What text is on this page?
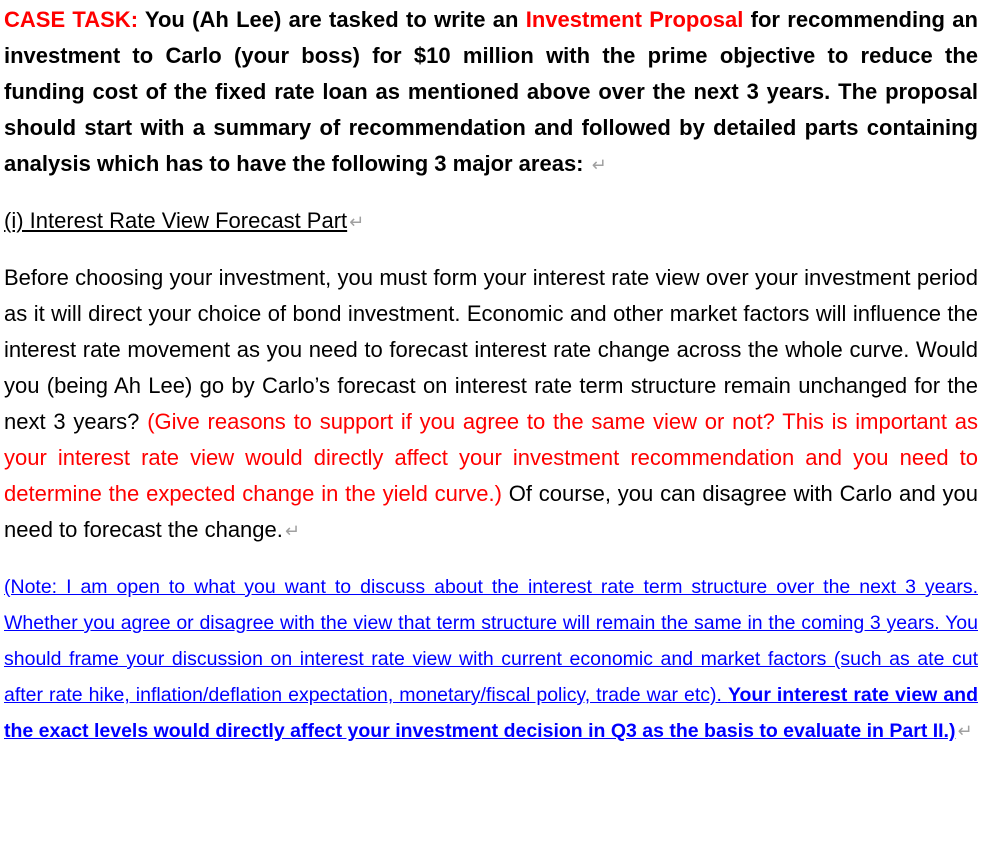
CASE TASK: You (Ah Lee) are tasked to write an Investment Proposal for recommending an investment to Carlo (your boss) for $10 million with the prime objective to reduce the funding cost of the fixed rate loan as mentioned above over the next 3 years. The proposal should start with a summary of recommendation and followed by detailed parts containing analysis which has to have the following 3 major areas: ↵

(i) Interest Rate View Forecast Part ↵

Before choosing your investment, you must form your interest rate view over your investment period as it will direct your choice of bond investment. Economic and other market factors will influence the interest rate movement as you need to forecast interest rate change across the whole curve. Would you (being Ah Lee) go by Carlo’s forecast on interest rate term structure remain unchanged for the next 3 years? (Give reasons to support if you agree to the same view or not? This is important as your interest rate view would directly affect your investment recommendation and you need to determine the expected change in the yield curve.) Of course, you can disagree with Carlo and you need to forecast the change. ↵

(Note: I am open to what you want to discuss about the interest rate term structure over the next 3 years. Whether you agree or disagree with the view that term structure will remain the same in the coming 3 years. You should frame your discussion on interest rate view with current economic and market factors (such as ate cut after rate hike, inflation/deflation expectation, monetary/fiscal policy, trade war etc). Your interest rate view and the exact levels would directly affect your investment decision in Q3 as the basis to evaluate in Part II.) ↵
